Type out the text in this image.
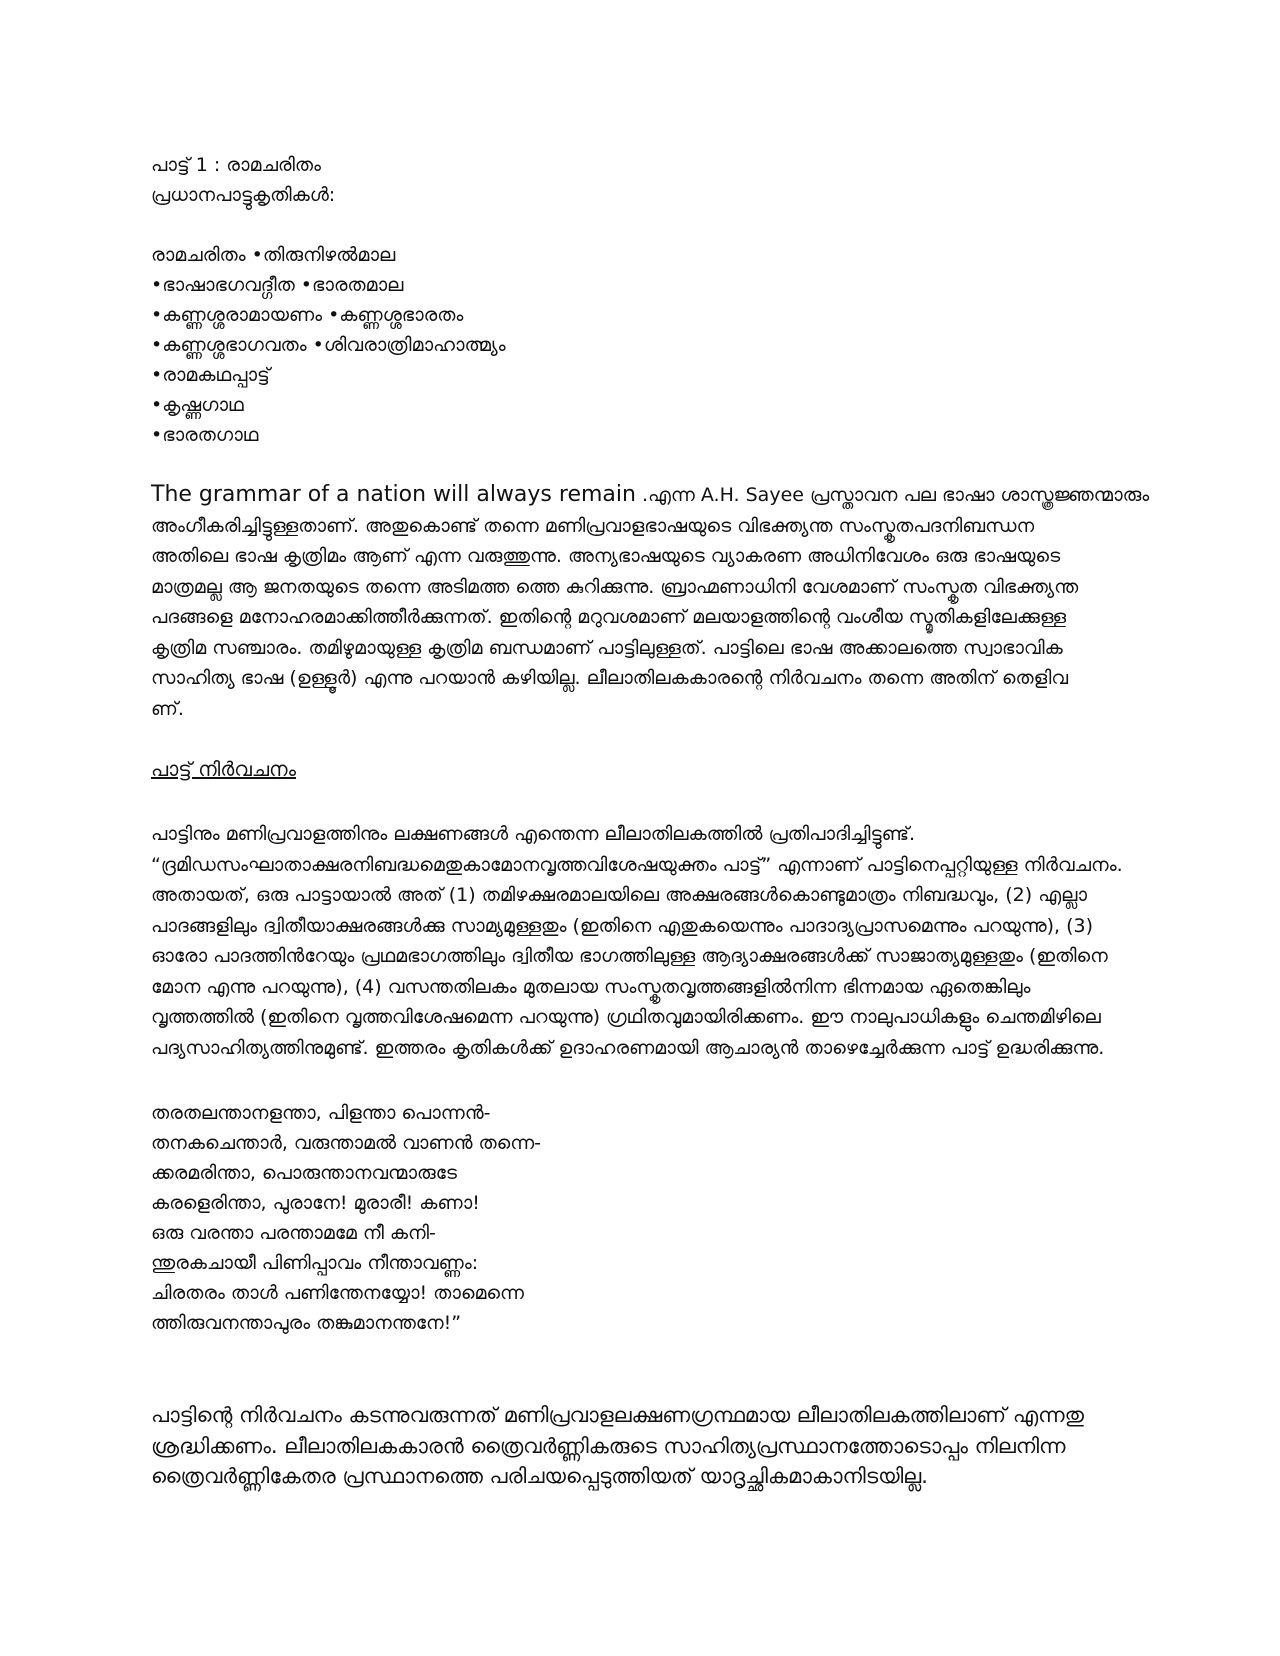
പാട്ട് 1 : രാമചരിതം
പ്രധാനപാട്ടുകൃതികൾ:
രാമചരിതം •തിരുനിഴൽമാല
•ഭാഷാഭഗവദ്ഗീത •ഭാരതമാല
•കണ്ണശ്ശരാമായണം •കണ്ണശ്ശഭാരതം
•കണ്ണശ്ശഭാഗവതം •ശിവരാത്രിമാഹാത്മ്യം
•രാമകഥപ്പാട്ട്
•കൃഷ്ണഗാഥ
•ഭാരതഗാഥ
The grammar of a nation will always remain .എന്ന A.H. Sayee പ്രസ്താവന പല ഭാഷാ ശാസ്ത്രജ്ഞന്മാരും
അംഗീകരിച്ചിട്ടുള്ളതാണ്. അതുകൊണ്ട് തന്നെ മണിപ്രവാളഭാഷയുടെ വിഭക്ത്യന്ത സംസ്കൃതപദനിബന്ധന
അതിലെ ഭാഷ കൃത്രിമം ആണ് എന്ന വരുത്തുന്നു. അന്യഭാഷയുടെ വ്യാകരണ അധിനിവേശം ഒരു ഭാഷയുടെ
മാത്രമല്ല ആ ജനതയുടെ തന്നെ അടിമത്ത ത്തെ കുറിക്കുന്നു. ബ്രാഹ്മണാധിനി വേശമാണ് സംസ്കൃത വിഭക്ത്യന്ത
പദങ്ങളെ മനോഹരമാക്കിത്തീർക്കുന്നത്. ഇതിന്റെ മറുവശമാണ് മലയാളത്തിന്റെ വംശീയ സ്മൃതികളിലേക്കുള്ള
കൃത്രിമ സഞ്ചാരം. തമിഴുമായുള്ള കൃത്രിമ ബന്ധമാണ് പാട്ടിലുള്ളത്. പാട്ടിലെ ഭാഷ അക്കാലത്തെ സ്വാഭാവിക
സാഹിത്യ ഭാഷ (ഉള്ളൂർ) എന്നു പറയാൻ കഴിയില്ല. ലീലാതിലകകാരന്റെ നിർവചനം തന്നെ അതിന് തെളിവ
ണ്.
പാട്ട് നിർവചനം
പാട്ടിനും മണിപ്രവാളത്തിനും ലക്ഷണങ്ങൾ എന്തെന്ന ലീലാതിലകത്തിൽ പ്രതിപാദിച്ചിട്ടുണ്ട്.
“ദ്രമിഡസംഘാതാക്ഷരനിബദ്ധമെതുകാമോനവൃത്തവിശേഷയുക്തം പാട്ട്” എന്നാണ് പാട്ടിനെപ്പറ്റിയുള്ള നിർവചനം.
അതായത്, ഒരു പാട്ടായാൽ അത് (1) തമിഴക്ഷരമാലയിലെ അക്ഷരങ്ങൾകൊണ്ടുമാത്രം നിബദ്ധവും, (2) എല്ലാ
പാദങ്ങളിലും ദ്വിതീയാക്ഷരങ്ങൾക്കു സാമ്യമുള്ളതും (ഇതിനെ എതുകയെന്നും പാദാദ്യപ്രാസമെന്നും പറയുന്നു), (3)
ഓരോ പാദത്തിൻറേയും പ്രഥമഭാഗത്തിലും ദ്വിതീയ ഭാഗത്തിലുള്ള ആദ്യാക്ഷരങ്ങൾക്ക് സാജാത്യമുള്ളതും (ഇതിനെ
മോന എന്നു പറയുന്നു), (4) വസന്തതിലകം മുതലായ സംസ്കൃതവൃത്തങ്ങളിൽനിന്ന ഭിന്നമായ ഏതെങ്കിലും
വൃത്തത്തിൽ (ഇതിനെ വൃത്തവിശേഷമെന്ന പറയുന്നു) ഗ്രഥിതവുമായിരിക്കണം. ഈ നാലുപാധികളും ചെന്തമിഴിലെ
പദ്യസാഹിത്യത്തിനുമുണ്ട്. ഇത്തരം കൃതികൾക്ക് ഉദാഹരണമായി ആചാര്യൻ താഴെച്ചേർക്കുന്ന പാട്ട് ഉദ്ധരിക്കുന്നു.
തരതലന്താനളന്താ, പിളന്താ പൊന്നൻ-
തനകചെന്താർ, വരുന്താമൽ വാണൻ തന്നെ-
ക്കരമരിന്താ, പൊരുന്താനവന്മാരുടേ
കരളെരിന്താ, പുരാനേ! മുരാരീ! കണാ!
ഒരു വരന്താ പരന്താമമേ നീ കനി-
ന്തുരകചായീ പിണിപ്പാവം നീന്താവണ്ണം:
ചിരതരം താൾ പണിന്തേനയ്യോ! താമെന്നെ
ത്തിരുവനന്താപുരം തങ്കുമാനന്തനേ!”
പാട്ടിന്റെ നിർവചനം കടന്നുവരുന്നത് മണിപ്രവാളലക്ഷണഗ്രന്ഥമായ ലീലാതിലകത്തിലാണ് എന്നതു
ശ്രദ്ധിക്കണം. ലീലാതിലകകാരൻ ത്രൈവർണ്ണികരുടെ സാഹിത്യപ്രസ്ഥാനത്തോടൊപ്പം നിലനിന്ന
ത്രൈവർണ്ണികേതര പ്രസ്ഥാനത്തെ പരിചയപ്പെടുത്തിയത് യാദൃച്ഛികമാകാനിടയില്ല.
